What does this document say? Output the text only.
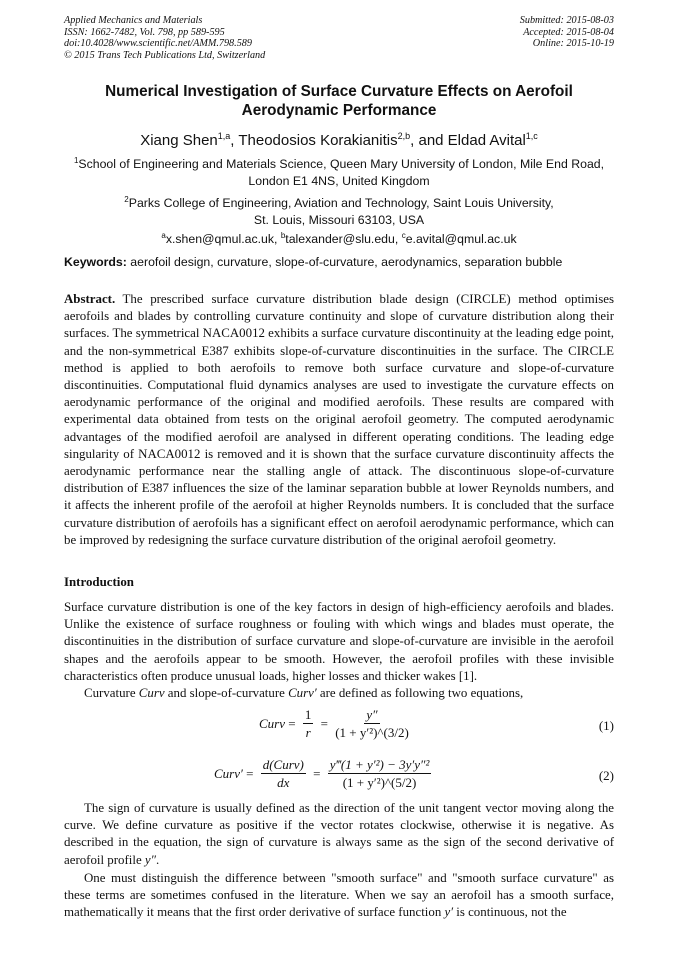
Applied Mechanics and Materials
ISSN: 1662-7482, Vol. 798, pp 589-595
doi:10.4028/www.scientific.net/AMM.798.589
© 2015 Trans Tech Publications Ltd, Switzerland
Submitted: 2015-08-03
Accepted: 2015-08-04
Online: 2015-10-19
Numerical Investigation of Surface Curvature Effects on Aerofoil
Aerodynamic Performance
Xiang Shen$^{1,a}$, Theodosios Korakianitis$^{2,b}$, and Eldad Avital$^{1,c}$
$^1$School of Engineering and Materials Science, Queen Mary University of London, Mile End Road,
London E1 4NS, United Kingdom
$^2$Parks College of Engineering, Aviation and Technology, Saint Louis University,
St. Louis, Missouri 63103, USA
$^a$x.shen@qmul.ac.uk, $^b$talexander@slu.edu, $^c$e.avital@qmul.ac.uk
Keywords: aerofoil design, curvature, slope-of-curvature, aerodynamics, separation bubble
Abstract. The prescribed surface curvature distribution blade design (CIRCLE) method optimises aerofoils and blades by controlling curvature continuity and slope of curvature distribution along their surfaces. The symmetrical NACA0012 exhibits a surface curvature discontinuity at the leading edge point, and the non-symmetrical E387 exhibits slope-of-curvature discontinuities in the surface. The CIRCLE method is applied to both aerofoils to remove both surface curvature and slope-of-curvature discontinuities. Computational fluid dynamics analyses are used to investigate the curvature effects on aerodynamic performance of the original and modified aerofoils. These results are compared with experimental data obtained from tests on the original aerofoil geometry. The computed aerodynamic advantages of the modified aerofoil are analysed in different operating conditions. The leading edge singularity of NACA0012 is removed and it is shown that the surface curvature discontinuity affects the aerodynamic performance near the stalling angle of attack. The discontinuous slope-of-curvature distribution of E387 influences the size of the laminar separation bubble at lower Reynolds numbers, and it affects the inherent profile of the aerofoil at higher Reynolds numbers. It is concluded that the surface curvature distribution of aerofoils has a significant effect on aerofoil aerodynamic performance, which can be improved by redesigning the surface curvature distribution of the original aerofoil geometry.
Introduction
Surface curvature distribution is one of the key factors in design of high-efficiency aerofoils and blades. Unlike the existence of surface roughness or fouling with which wings and blades must operate, the discontinuities in the distribution of surface curvature and slope-of-curvature are invisible in the aerofoil shapes and the aerofoils appear to be smooth. However, the aerofoil profiles with these invisible characteristics often produce unusual loads, higher losses and thicker wakes [1].
Curvature Curv and slope-of-curvature Curv′ are defined as following two equations,
Curv = $\frac{1}{r} = \frac{y''}{\text{(1 + y′²)\textasciicircum{}(3/2)}}$	(1)
Curv′ = $\frac{\text{d(Curv)}}{dx} = \frac{\text{y‴(1 + y′²) − 3y′y″²}}{\text{(1 + y′²)\textasciicircum{}(5/2)}}$	(2)
The sign of curvature is usually defined as the direction of the unit tangent vector moving along the curve. We define curvature as positive if the vector rotates clockwise, otherwise it is negative. As described in the equation, the sign of curvature is always same as the sign of the second derivative of aerofoil profile y″.
One must distinguish the difference between "smooth surface" and "smooth surface curvature" as these terms are sometimes confused in the literature. When we say an aerofoil has a smooth surface, mathematically it means that the first order derivative of surface function y′ is continuous, not the
